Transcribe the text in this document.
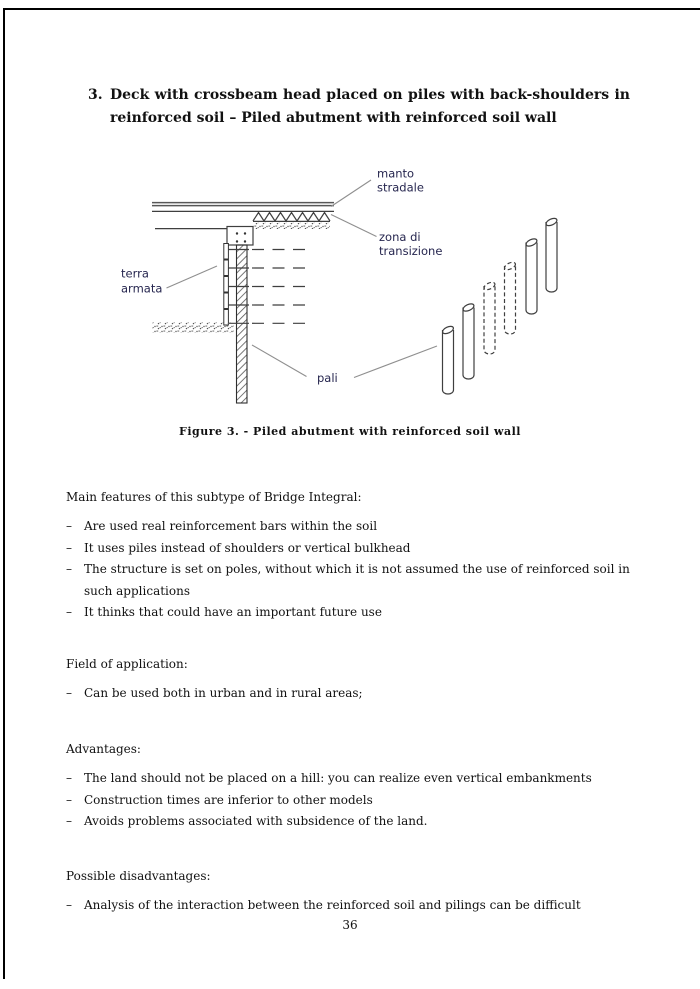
3. Deck with crossbeam head placed on piles with back-shoulders in
reinforced soil – Piled abutment with reinforced soil wall
manto
stradale
zona di
transizione
terra
armata
pali
Figure 3. - Piled abutment with reinforced soil wall
Main features of this subtype of Bridge Integral:
–	Are used real reinforcement bars within the soil
–	It uses piles instead of shoulders or vertical bulkhead
–	The structure is set on poles, without which it is not assumed the use of reinforced soil in such applications
–	It thinks that could have an important future use
Field of application:
–	Can be used both in urban and in rural areas;
Advantages:
–	The land should not be placed on a hill: you can realize even vertical embankments
–	Construction times are inferior to other models
–	Avoids problems associated with subsidence of the land.
Possible disadvantages:
–	Analysis of the interaction between the reinforced soil and pilings can be difficult
36
